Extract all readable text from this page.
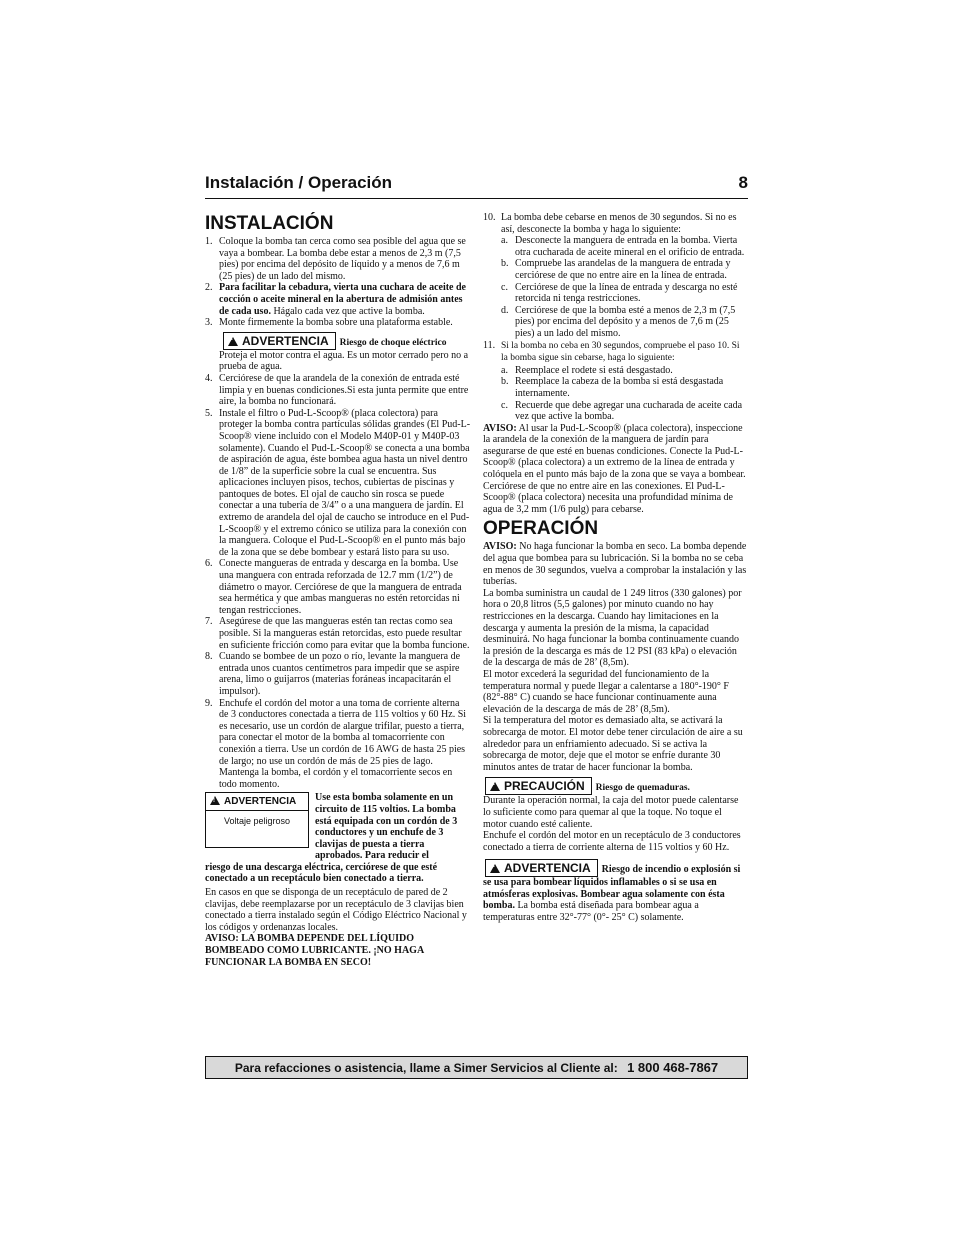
Instalación / Operación	8
INSTALACIÓN
1. Coloque la bomba tan cerca como sea posible del agua que se vaya a bombear. La bomba debe estar a menos de 2,3 m (7,5 pies) por encima del depósito de líquido y a menos de 7,6 m (25 pies) de un lado del mismo.
2. Para facilitar la cebadura, vierta una cuchara de aceite de cocción o aceite mineral en la abertura de admisión antes de cada uso. Hágalo cada vez que active la bomba.
3. Monte firmemente la bomba sobre una plataforma estable.
! ADVERTENCIA Riesgo de choque eléctrico Proteja el motor contra el agua. Es un motor cerrado pero no a prueba de agua.
4. Cerciórese de que la arandela de la conexión de entrada esté limpia y en buenas condiciones.Si esta junta permite que entre aire, la bomba no funcionará.
5. Instale el filtro o Pud-L-Scoop® (placa colectora) para proteger la bomba contra partículas sólidas grandes (El Pud-L-Scoop® viene incluido con el Modelo M40P-01 y M40P-03 solamente). Cuando el Pud-L-Scoop® se conecta a una bomba de aspiración de agua, éste bombea agua hasta un nivel dentro de 1/8” de la superficie sobre la cual se encuentra. Sus aplicaciones incluyen pisos, techos, cubiertas de piscinas y pantoques de botes. El ojal de caucho sin rosca se puede conectar a una tubería de 3/4” o a una manguera de jardín. El extremo de arandela del ojal de caucho se introduce en el Pud-L-Scoop® y el extremo cónico se utiliza para la conexión con la manguera. Coloque el Pud-L-Scoop® en el punto más bajo de la zona que se debe bombear y estará listo para su uso.
6. Conecte mangueras de entrada y descarga en la bomba. Use una manguera con entrada reforzada de 12.7 mm (1/2”) de diámetro o mayor. Cerciórese de que la manguera de entrada sea hermética y que ambas mangueras no estén retorcidas ni tengan restricciones.
7. Asegúrese de que las mangueras estén tan rectas como sea posible. Si la mangueras están retorcidas, esto puede resultar en suficiente fricción como para evitar que la bomba funcione.
8. Cuando se bombee de un pozo o río, levante la manguera de entrada unos cuantos centímetros para impedir que se aspire arena, limo o guijarros (materias foráneas incapacitarán el impulsor).
9. Enchufe el cordón del motor a una toma de corriente alterna de 3 conductores conectada a tierra de 115 voltios y 60 Hz. Si es necesario, use un cordón de alargue trifilar, puesto a tierra, para conectar el motor de la bomba al tomacorriente con conexión a tierra. Use un cordón de 16 AWG de hasta 25 pies de largo; no use un cordón de más de 25 pies de lago. Mantenga la bomba, el cordón y el tomacorriente secos en todo momento.
! ADVERTENCIA
Voltaje peligroso

Use esta bomba solamente en un circuito de 115 voltios. La bomba está equipada con un cordón de 3 conductores y un enchufe de 3 clavijas de puesta a tierra aprobados. Para reducir el

riesgo de una descarga eléctrica, cerciórese de que esté conectado a un receptáculo bien conectado a tierra.

En casos en que se disponga de un receptáculo de pared de 2 clavijas, debe reemplazarse por un receptáculo de 3 clavijas bien conectado a tierra instalado según el Código Eléctrico Nacional y los códigos y ordenanzas locales.

AVISO: LA BOMBA DEPENDE DEL LÍQUIDO BOMBEADO COMO LUBRICANTE. ¡NO HAGA FUNCIONAR LA BOMBA EN SECO!

10. La bomba debe cebarse en menos de 30 segundos. Si no es así, desconecte la bomba y haga lo siguiente:
a. Desconecte la manguera de entrada en la bomba. Vierta otra cucharada de aceite mineral en el orificio de entrada.
b. Compruebe las arandelas de la manguera de entrada y cerciórese de que no entre aire en la línea de entrada.
c. Cerciórese de que la línea de entrada y descarga no esté retorcida ni tenga restricciones.
d. Cerciórese de que la bomba esté a menos de 2,3 m (7,5 pies) por encima del depósito y a menos de 7,6 m (25 pies) a un lado del mismo.
11. Si la bomba no ceba en 30 segundos, compruebe el paso 10. Si la bomba sigue sin cebarse, haga lo siguiente:
a. Reemplace el rodete si está desgastado.
b. Reemplace la cabeza de la bomba si está desgastada internamente.
c. Recuerde que debe agregar una cucharada de aceite cada vez que active la bomba.

AVISO: Al usar la Pud-L-Scoop® (placa colectora), inspeccione la arandela de la conexión de la manguera de jardín para asegurarse de que esté en buenas condiciones. Conecte la Pud-L-Scoop® (placa colectora) a un extremo de la línea de entrada y colóquela en el punto más bajo de la zona que se vaya a bombear. Cerciórese de que no entre aire en las conexiones. El Pud-L-Scoop® (placa colectora) necesita una profundidad mínima de agua de 3,2 mm (1/6 pulg) para cebarse.

OPERACIÓN

AVISO: No haga funcionar la bomba en seco. La bomba depende del agua que bombea para su lubricación. Si la bomba no se ceba en menos de 30 segundos, vuelva a comprobar la instalación y las tuberías.

La bomba suministra un caudal de 1 249 litros (330 galones) por hora o 20,8 litros (5,5 galones) por minuto cuando no hay restricciones en la descarga. Cuando hay limitaciones en la descarga y aumenta la presión de la misma, la capacidad desminuirá. No haga funcionar la bomba continuamente cuando la presión de la descarga es más de 12 PSI (83 kPa) o elevación de la descarga de más de 28’ (8,5m).

El motor excederá la seguridad del funcionamiento de la temperatura normal y puede llegar a calentarse a 180°-190° F (82°-88° C) cuando se hace funcionar continuamente auna elevación de la descarga de más de 28’ (8,5m).

Si la temperatura del motor es demasiado alta, se activará la sobrecarga de motor. El motor debe tener circulación de aire a su alrededor para un enfriamiento adecuado. Si se activa la sobrecarga de motor, deje que el motor se enfríe durante 30 minutos antes de tratar de hacer funcionar la bomba.

! PRECAUCIÓN Riesgo de quemaduras.

Durante la operación normal, la caja del motor puede calentarse lo suficiente como para quemar al que la toque. No toque el motor cuando esté caliente.

Enchufe el cordón del motor en un receptáculo de 3 conductores conectado a tierra de corriente alterna de 115 voltios y 60 Hz.

! ADVERTENCIA Riesgo de incendio o explosión si se usa para bombear líquidos inflamables o si se usa en atmósferas explosivas. Bombear agua solamente con ésta bomba. La bomba está diseñada para bombear agua a temperaturas entre 32°-77° (0°- 25° C) solamente.
Para refacciones o asistencia, llame a Simer Servicios al Cliente al: 1 800 468-7867
